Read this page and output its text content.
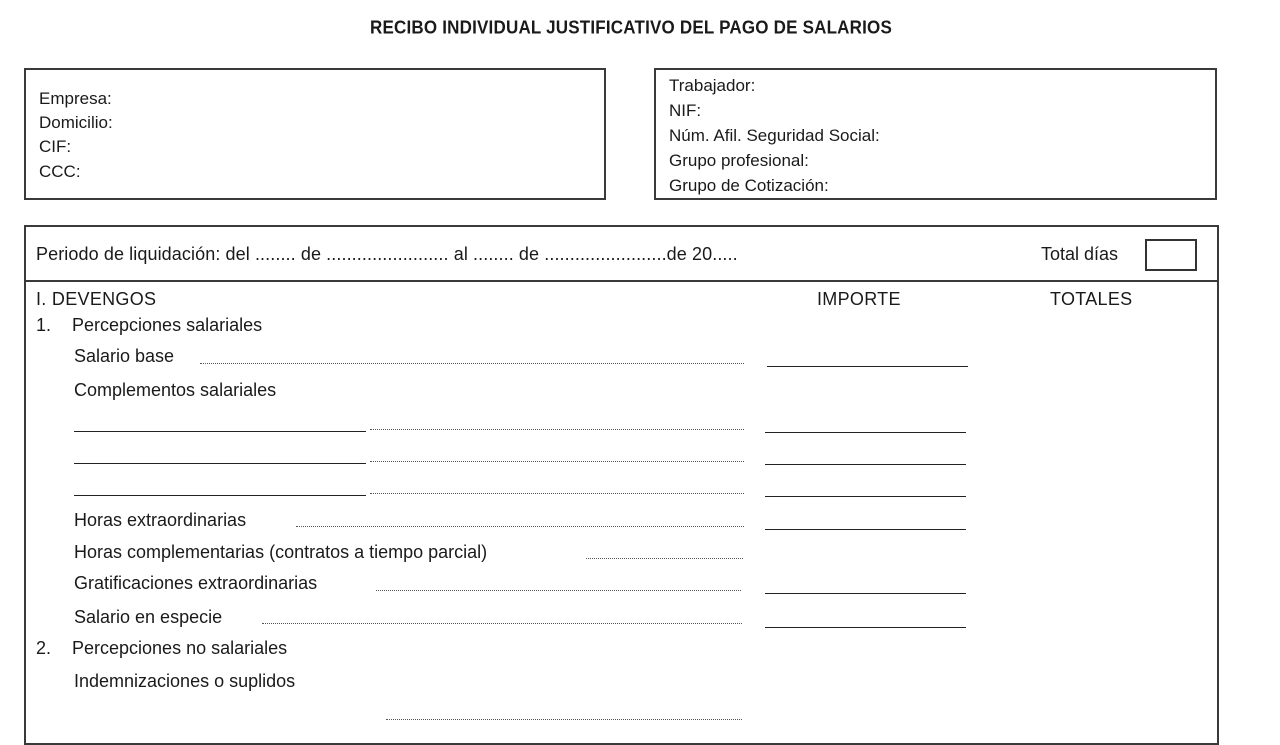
RECIBO INDIVIDUAL JUSTIFICATIVO DEL PAGO DE SALARIOS
Empresa:
Domicilio:
CIF:
CCC:
Trabajador:
NIF:
Núm. Afil. Seguridad Social:
Grupo profesional:
Grupo de Cotización:
Periodo de liquidación: del ........ de ........................ al ........ de ........................de 20.....	Total días
I. DEVENGOS	IMPORTE	TOTALES
1. Percepciones salariales
Salario base
Complementos salariales
Horas extraordinarias
Horas complementarias (contratos a tiempo parcial)
Gratificaciones extraordinarias
Salario en especie
2. Percepciones no salariales
Indemnizaciones o suplidos
